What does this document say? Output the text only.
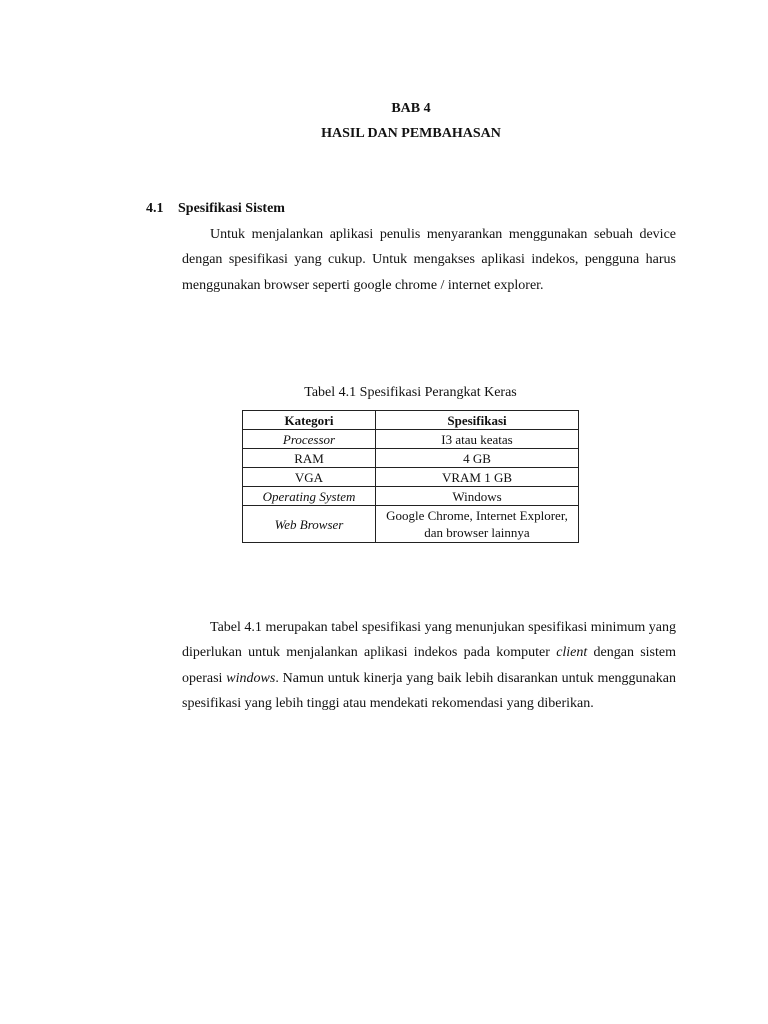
BAB 4
HASIL DAN PEMBAHASAN
4.1 Spesifikasi Sistem

Untuk menjalankan aplikasi penulis menyarankan menggunakan sebuah device dengan spesifikasi yang cukup. Untuk mengakses aplikasi indekos, pengguna harus menggunakan browser seperti google chrome / internet explorer.

Tabel 4.1 Spesifikasi Perangkat Keras
Kategori	Spesifikasi
Processor	I3 atau keatas
RAM	4 GB
VGA	VRAM 1 GB
Operating System	Windows
Web Browser	Google Chrome, Internet Explorer,
dan browser lainnya

Tabel 4.1 merupakan tabel spesifikasi yang menunjukan spesifikasi minimum yang diperlukan untuk menjalankan aplikasi indekos pada komputer client dengan sistem operasi windows. Namun untuk kinerja yang baik lebih disarankan untuk menggunakan spesifikasi yang lebih tinggi atau mendekati rekomendasi yang diberikan.
